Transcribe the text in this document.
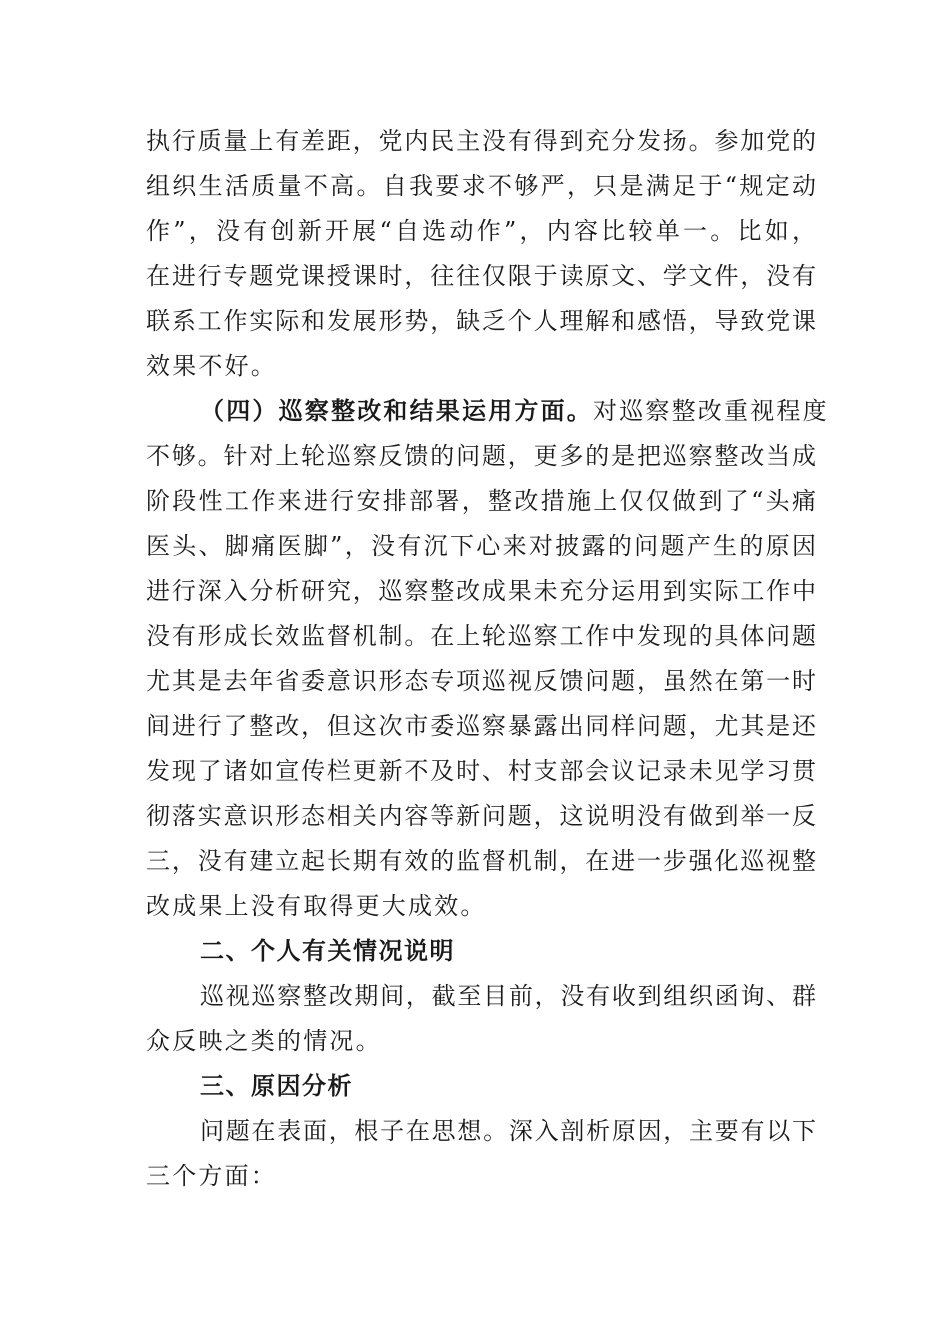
执行质量上有差距，党内民主没有得到充分发扬。参加党的
组织生活质量不高。自我要求不够严，只是满足于“规定动
作”，没有创新开展“自选动作”，内容比较单一。比如，
在进行专题党课授课时，往往仅限于读原文、学文件，没有
联系工作实际和发展形势，缺乏个人理解和感悟，导致党课
效果不好。
（四）巡察整改和结果运用方面。对巡察整改重视程度
不够。针对上轮巡察反馈的问题，更多的是把巡察整改当成
阶段性工作来进行安排部署，整改措施上仅仅做到了“头痛
医头、脚痛医脚”，没有沉下心来对披露的问题产生的原因
进行深入分析研究，巡察整改成果未充分运用到实际工作中
没有形成长效监督机制。在上轮巡察工作中发现的具体问题
尤其是去年省委意识形态专项巡视反馈问题，虽然在第一时
间进行了整改，但这次市委巡察暴露出同样问题，尤其是还
发现了诸如宣传栏更新不及时、村支部会议记录未见学习贯
彻落实意识形态相关内容等新问题，这说明没有做到举一反
三，没有建立起长期有效的监督机制，在进一步强化巡视整
改成果上没有取得更大成效。
二、个人有关情况说明
巡视巡察整改期间，截至目前，没有收到组织函询、群
众反映之类的情况。
三、原因分析
问题在表面，根子在思想。深入剖析原因，主要有以下
三个方面：
